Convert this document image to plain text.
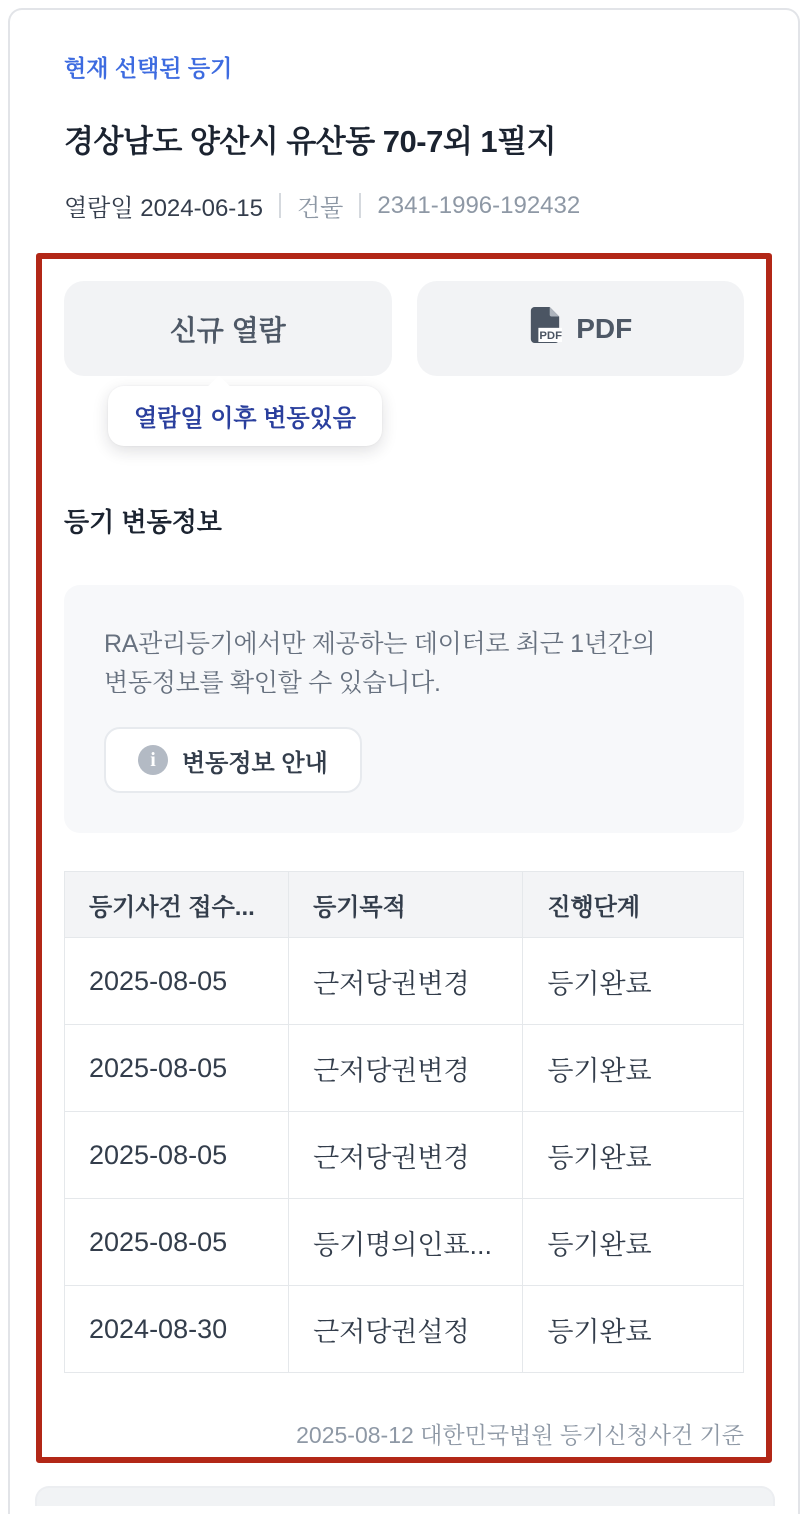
현재 선택된 등기
경상남도 양산시 유산동 70-7외 1필지
열람일 2024-06-15 건물 2341-1996-192432
신규 열람	PDF PDF
열람일 이후 변동있음
등기 변동정보
RA관리등기에서만 제공하는 데이터로 최근 1년간의
변동정보를 확인할 수 있습니다.
i	변동정보 안내
등기사건 접수...	등기목적	진행단계
2025-08-05	근저당권변경	등기완료
2025-08-05	근저당권변경	등기완료
2025-08-05	근저당권변경	등기완료
2025-08-05	등기명의인표...	등기완료
2024-08-30	근저당권설정	등기완료
2025-08-12 대한민국법원 등기신청사건 기준
